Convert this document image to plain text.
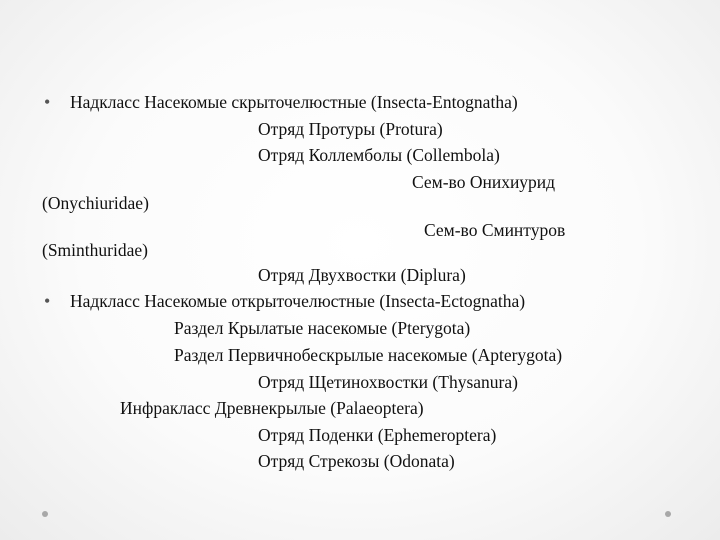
• Надкласс Насекомые скрыточелюстные (Insecta-Entognatha)
Отряд Протуры (Protura)
Отряд Коллемболы (Collembola)
Сем-во Онихиурид
(Onychiuridae)
Сем-во Сминтуров
(Sminthuridae)
Отряд Двухвостки (Diplura)
• Надкласс Насекомые открыточелюстные (Insecta-Ectognatha)
Раздел Крылатые насекомые (Pterygota)
Раздел Первичнобескрылые насекомые (Apterygota)
Отряд Щетинохвостки (Thysanura)
Инфракласс Древнекрылые (Palaeoptera)
Отряд Поденки (Ephemeroptera)
Отряд Стрекозы (Odonata)
